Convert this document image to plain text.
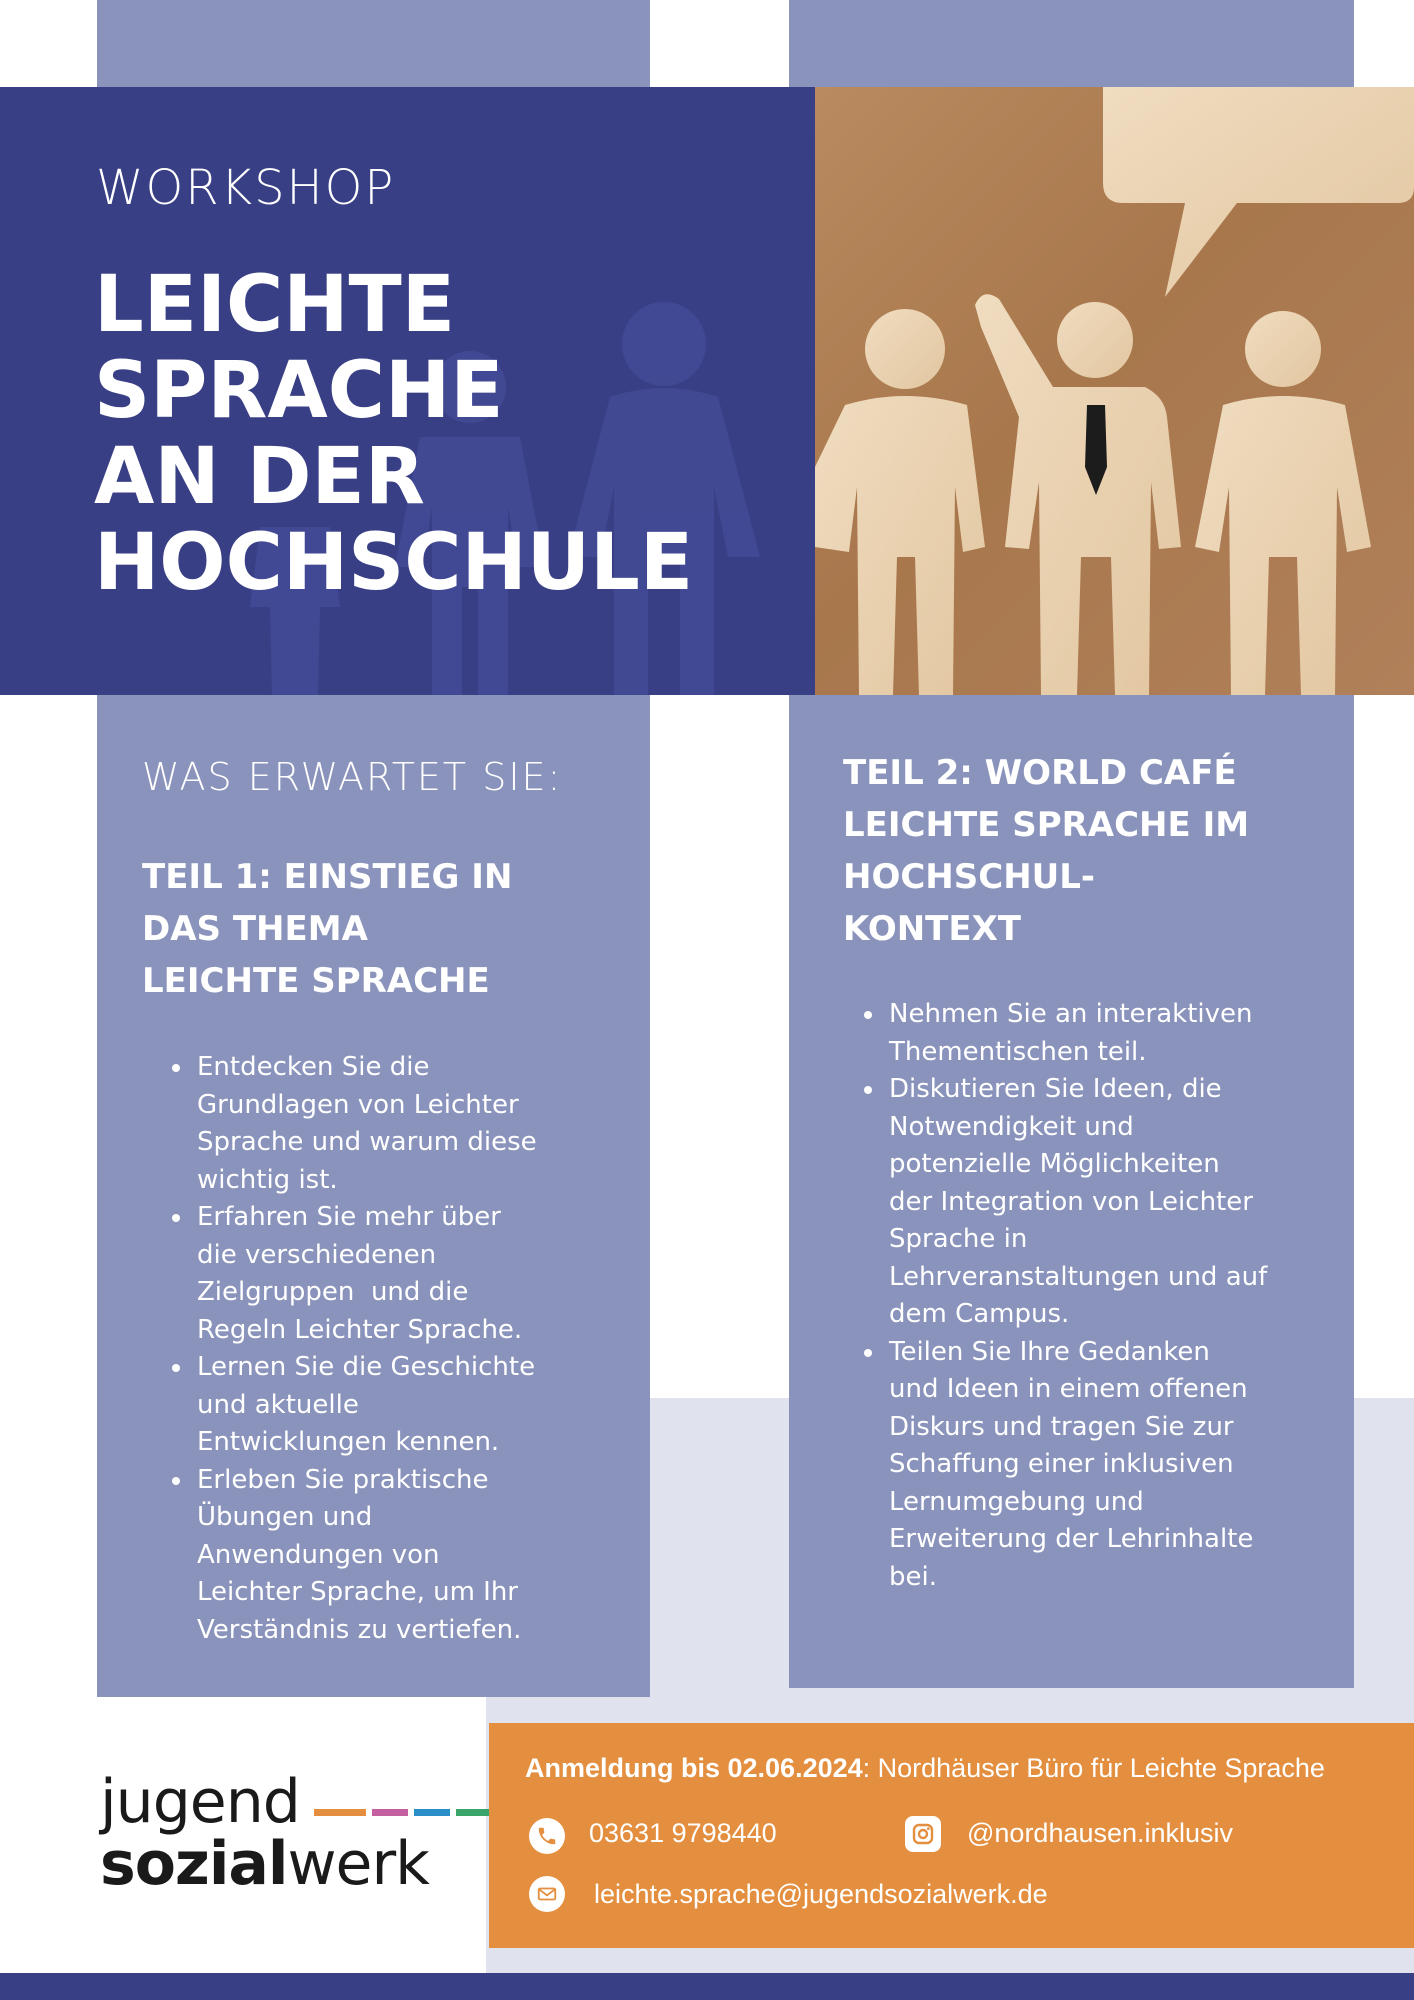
WORKSHOP
LEICHTE
SPRACHE
AN DER
HOCHSCHULE
WAS ERWARTET SIE:
TEIL 1: EINSTIEG IN
DAS THEMA
LEICHTE SPRACHE
Entdecken Sie die
Grundlagen von Leichter
Sprache und warum diese
wichtig ist.
Erfahren Sie mehr über
die verschiedenen
Zielgruppen  und die
Regeln Leichter Sprache.
Lernen Sie die Geschichte
und aktuelle
Entwicklungen kennen.
Erleben Sie praktische
Übungen und
Anwendungen von
Leichter Sprache, um Ihr
Verständnis zu vertiefen.
TEIL 2: WORLD CAFÉ
LEICHTE SPRACHE IM
HOCHSCHUL-
KONTEXT
Nehmen Sie an interaktiven
Thementischen teil.
Diskutieren Sie Ideen, die
Notwendigkeit und
potenzielle Möglichkeiten
der Integration von Leichter
Sprache in
Lehrveranstaltungen und auf
dem Campus.
Teilen Sie Ihre Gedanken
und Ideen in einem offenen
Diskurs und tragen Sie zur
Schaffung einer inklusiven
Lernumgebung und
Erweiterung der Lehrinhalte
bei.
jugend
sozialwerk
Anmeldung bis 02.06.2024: Nordhäuser Büro für Leichte Sprache
03631 9798440	@nordhausen.inklusiv
leichte.sprache@jugendsozialwerk.de
